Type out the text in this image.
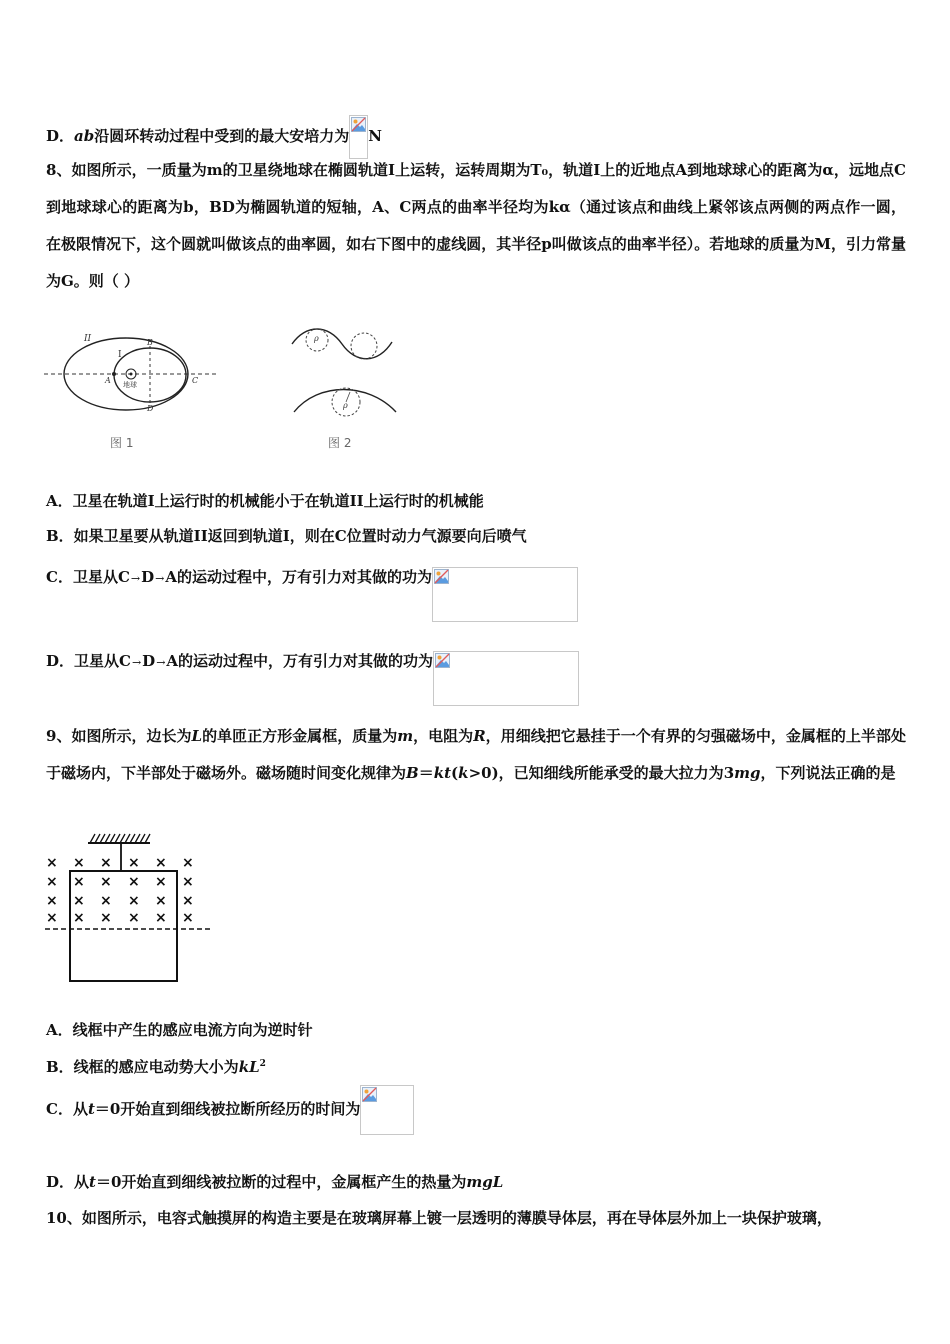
D．ab沿圆环转动过程中受到的最大安培力为 N
8、如图所示，一质量为m的卫星绕地球在椭圆轨道I上运转，运转周期为T₀，轨道I上的近地点A到地球球心的距离为α，远地点C到地球球心的距离为b，BD为椭圆轨道的短轴，A、C两点的曲率半径均为kα（通过该点和曲线上紧邻该点两侧的两点作一圆，在极限情况下，这个圆就叫做该点的曲率圆，如右下图中的虚线圆，其半径p叫做该点的曲率半径）。若地球的质量为M，引力常量为G。则（ ）
II
I
B
A	C
D
地球
图 1
ρ
ρ
图 2
A．卫星在轨道I上运行时的机械能小于在轨道II上运行时的机械能
B．如果卫星要从轨道II返回到轨道I，则在C位置时动力气源要向后喷气
C．卫星从C→D→A的运动过程中，万有引力对其做的功为
D．卫星从C→D→A的运动过程中，万有引力对其做的功为
9、如图所示，边长为L的单匝正方形金属框，质量为m，电阻为R，用细线把它悬挂于一个有界的匀强磁场中，金属框的上半部处于磁场内，下半部处于磁场外。磁场随时间变化规律为B＝kt(k>0)，已知细线所能承受的最大拉力为3mg，下列说法正确的是
× × × × × ×
× × × × × ×
× × × × × ×
× × × × × ×
A．线框中产生的感应电流方向为逆时针
B．线框的感应电动势大小为$kL^2$
C．从t＝0开始直到细线被拉断所经历的时间为
D．从t＝0开始直到细线被拉断的过程中，金属框产生的热量为mgL
10、如图所示，电容式触摸屏的构造主要是在玻璃屏幕上镀一层透明的薄膜导体层，再在导体层外加上一块保护玻璃，
